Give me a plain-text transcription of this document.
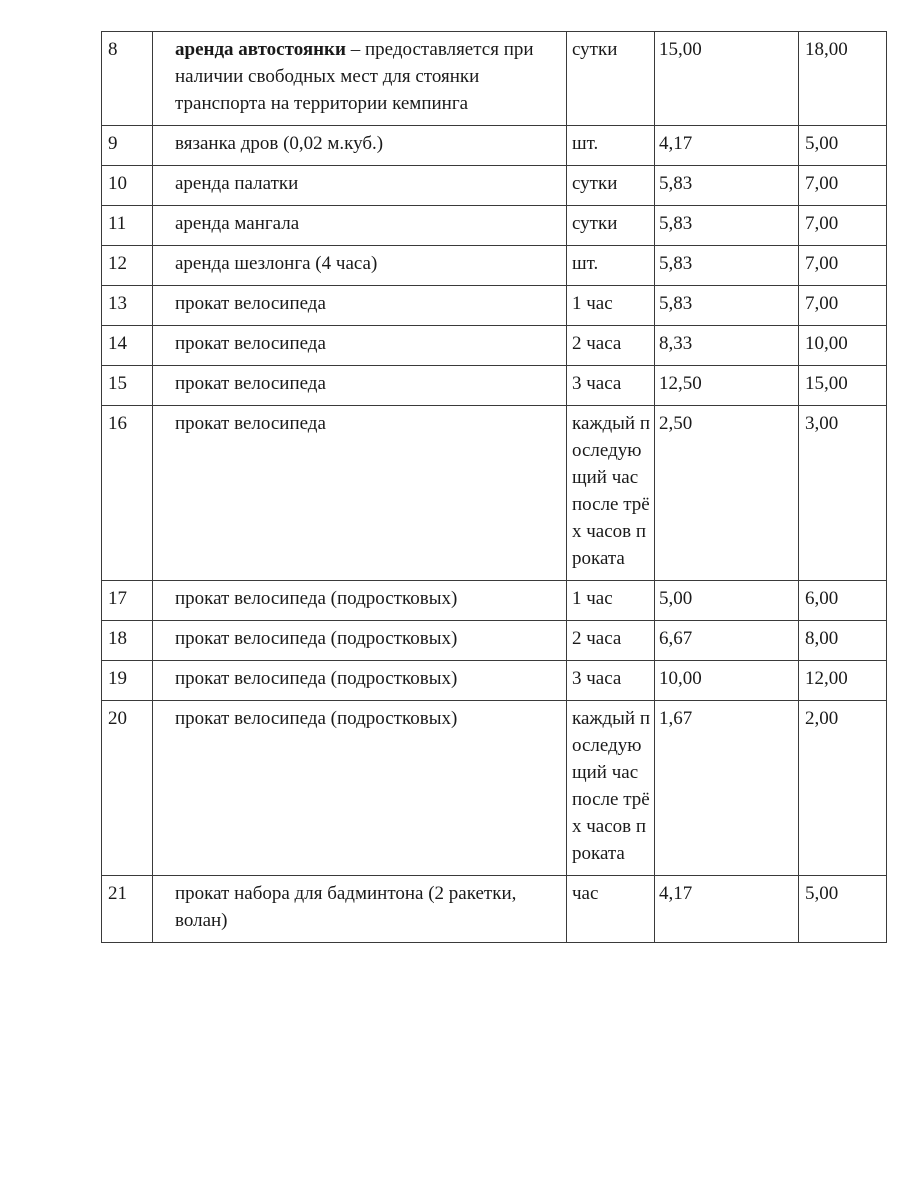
8	аренда автостоянки – предоставляется при наличии свободных мест для стоянки транспорта на территории кемпинга	сутки	15,00	18,00
9	вязанка дров (0,02 м.куб.)	шт.	4,17	5,00
10	аренда палатки	сутки	5,83	7,00
11	аренда мангала	сутки	5,83	7,00
12	аренда шезлонга (4 часа)	шт.	5,83	7,00
13	прокат велосипеда	1 час	5,83	7,00
14	прокат велосипеда	2 часа	8,33	10,00
15	прокат велосипеда	3 часа	12,50	15,00
16	прокат велосипеда	каждый последующий час после трёх часов проката	2,50	3,00
17	прокат велосипеда (подростковых)	1 час	5,00	6,00
18	прокат велосипеда (подростковых)	2 часа	6,67	8,00
19	прокат велосипеда (подростковых)	3 часа	10,00	12,00
20	прокат велосипеда (подростковых)	каждый последующий час после трёх часов проката	1,67	2,00
21	прокат набора для бадминтона (2 ракетки, волан)	час	4,17	5,00
